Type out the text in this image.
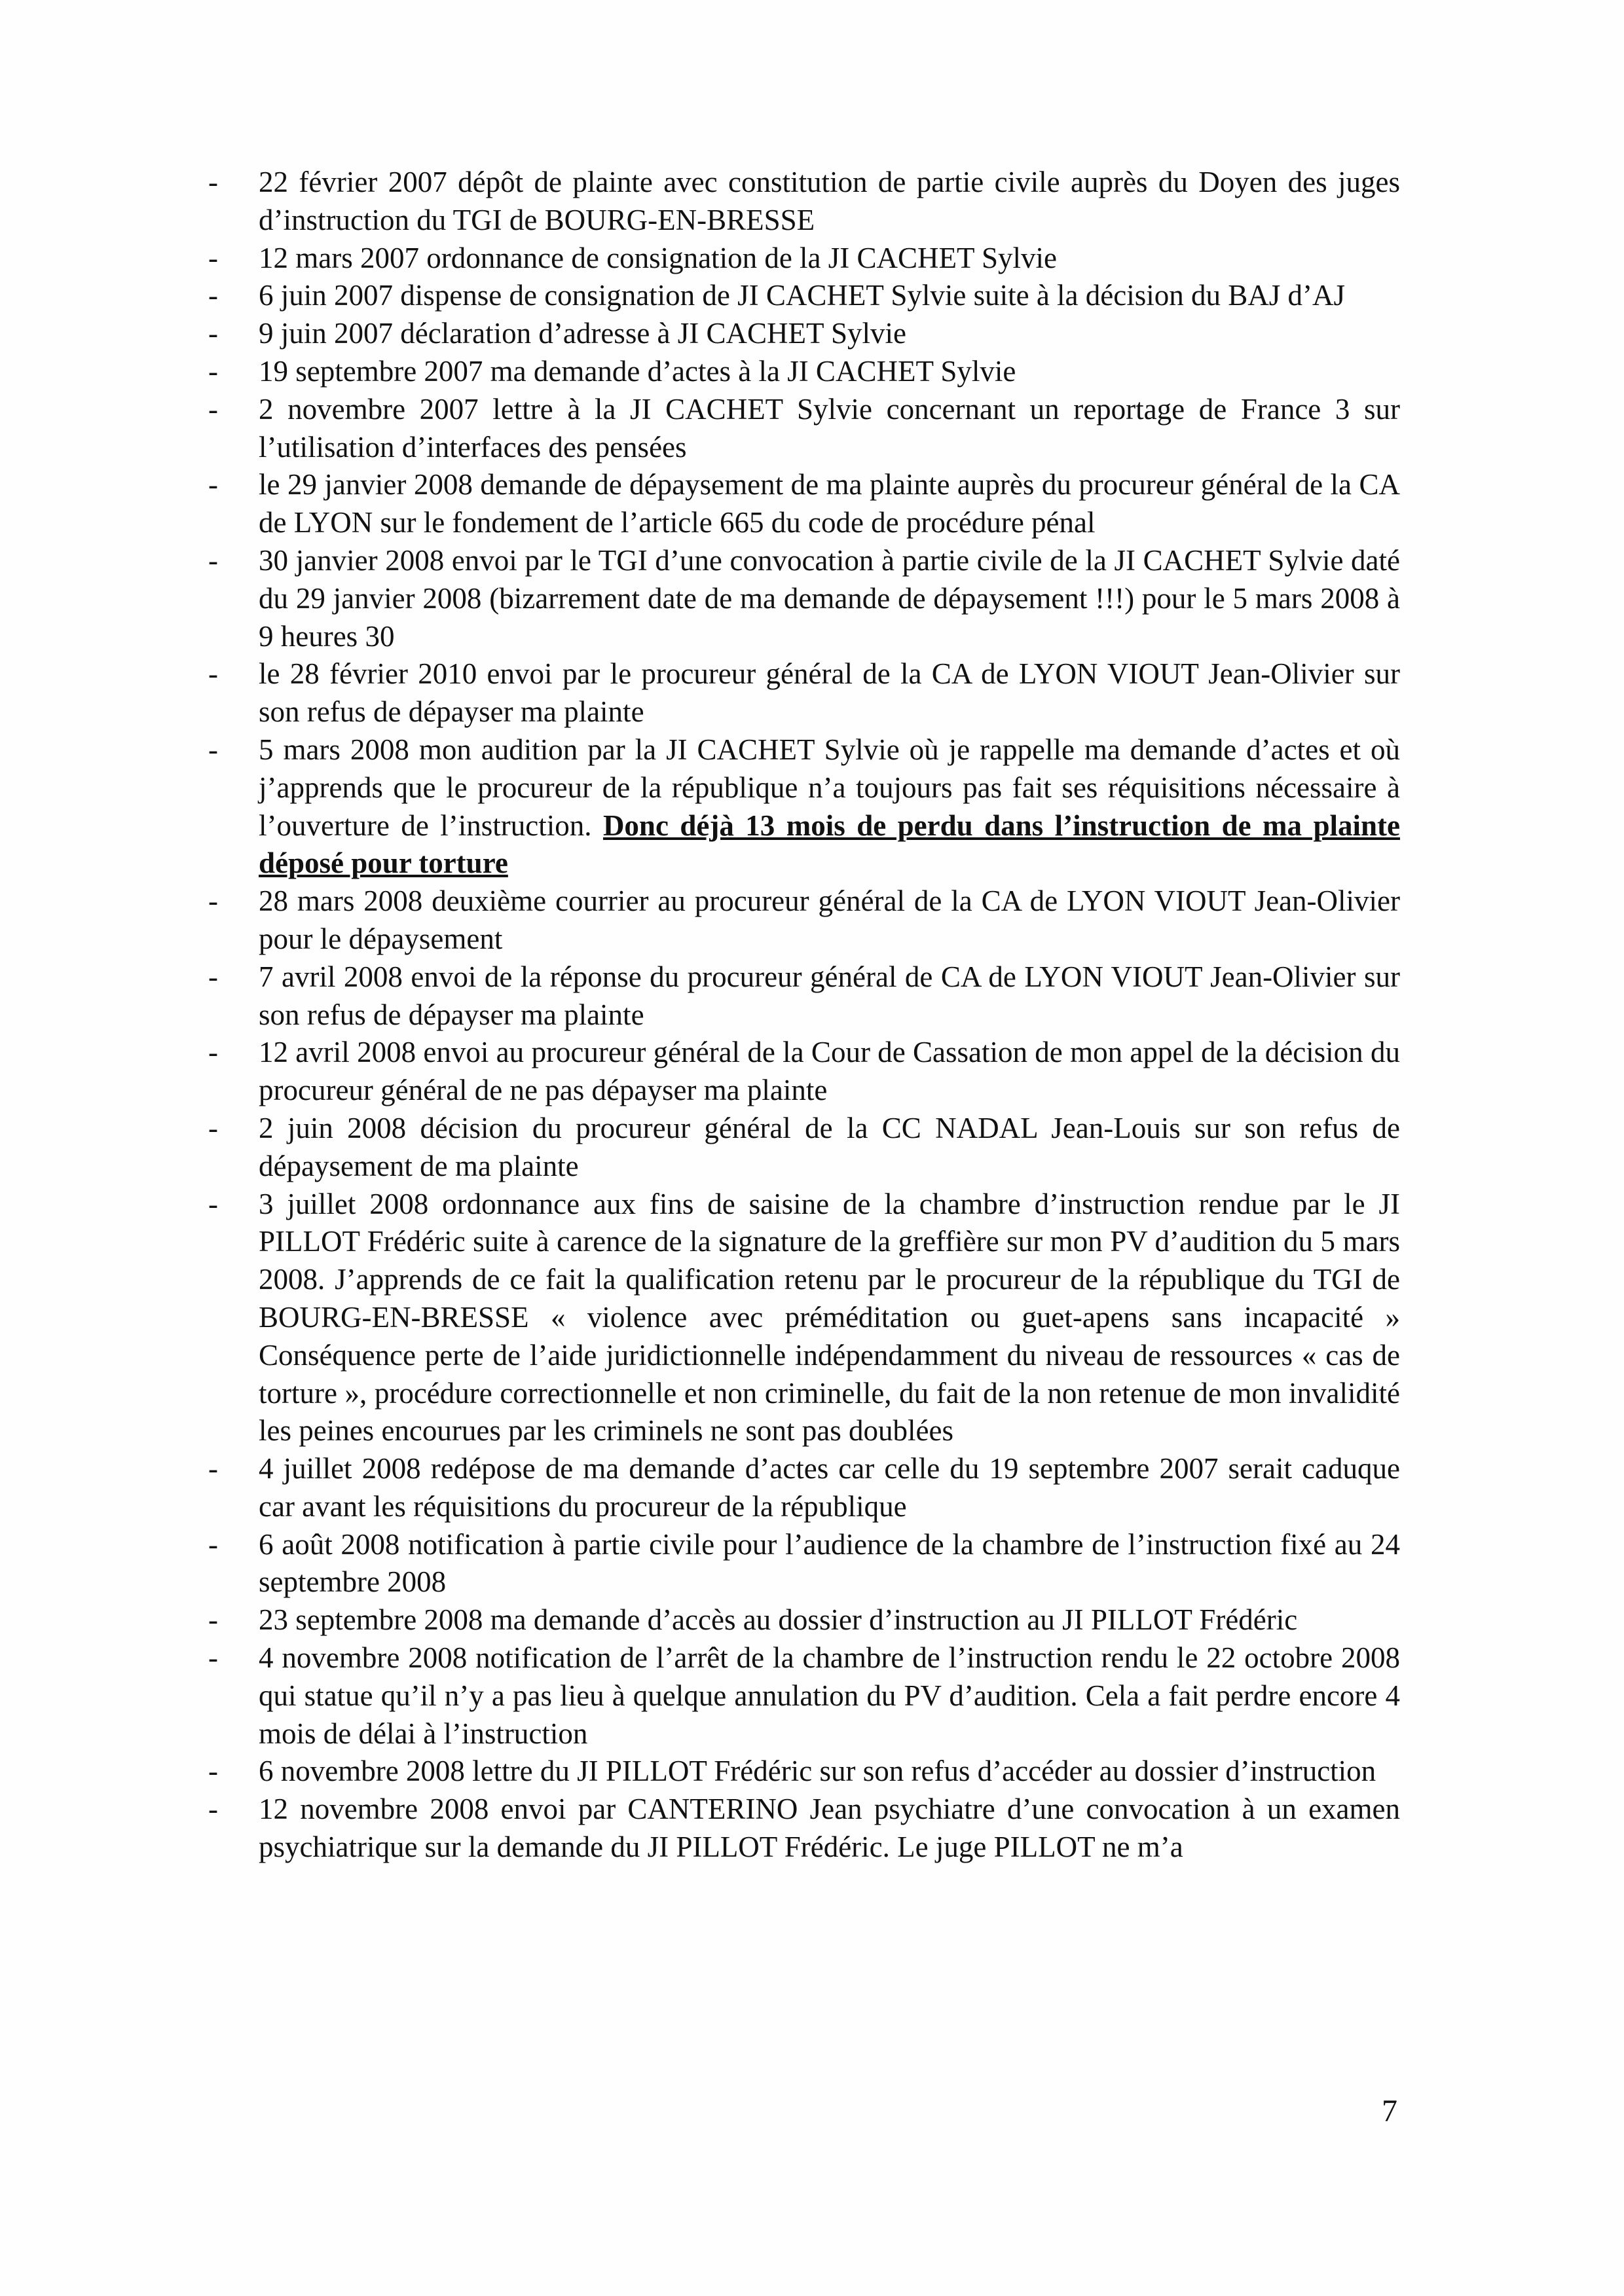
- 22 février 2007 dépôt de plainte avec constitution de partie civile auprès du Doyen des juges d’instruction du TGI de BOURG-EN-BRESSE
- 12 mars 2007 ordonnance de consignation de la JI CACHET Sylvie
- 6 juin 2007 dispense de consignation de JI CACHET Sylvie suite à la décision du BAJ d’AJ
- 9 juin 2007 déclaration d’adresse à JI CACHET Sylvie
- 19 septembre 2007 ma demande d’actes à la JI CACHET Sylvie
- 2 novembre 2007 lettre à la JI CACHET Sylvie concernant un reportage de France 3 sur l’utilisation d’interfaces des pensées
- le 29 janvier 2008 demande de dépaysement de ma plainte auprès du procureur général de la CA de LYON sur le fondement de l’article 665 du code de procédure pénal
- 30 janvier 2008 envoi par le TGI d’une convocation à partie civile de la JI CACHET Sylvie daté du 29 janvier 2008 (bizarrement date de ma demande de dépaysement !!!) pour le 5 mars 2008 à 9 heures 30
- le 28 février 2010 envoi par le procureur général de la CA de LYON VIOUT Jean-Olivier sur son refus de dépayser ma plainte
- 5 mars 2008 mon audition par la JI CACHET Sylvie où je rappelle ma demande d’actes et où j’apprends que le procureur de la république n’a toujours pas fait ses réquisitions nécessaire à l’ouverture de l’instruction. Donc déjà 13 mois de perdu dans l’instruction de ma plainte déposé pour torture
- 28 mars 2008 deuxième courrier au procureur général de la CA de LYON VIOUT Jean-Olivier pour le dépaysement
- 7 avril 2008 envoi de la réponse du procureur général de CA de LYON VIOUT Jean-Olivier sur son refus de dépayser ma plainte
- 12 avril 2008 envoi au procureur général de la Cour de Cassation de mon appel de la décision du procureur général de ne pas dépayser ma plainte
- 2 juin 2008 décision du procureur général de la CC NADAL Jean-Louis sur son refus de dépaysement de ma plainte
- 3 juillet 2008 ordonnance aux fins de saisine de la chambre d’instruction rendue par le JI PILLOT Frédéric suite à carence de la signature de la greffière sur mon PV d’audition du 5 mars 2008. J’apprends de ce fait la qualification retenu par le procureur de la république du TGI de BOURG-EN-BRESSE « violence avec préméditation ou guet-apens sans incapacité » Conséquence perte de l’aide juridictionnelle indépendamment du niveau de ressources « cas de torture », procédure correctionnelle et non criminelle, du fait de la non retenue de mon invalidité les peines encourues par les criminels ne sont pas doublées
- 4 juillet 2008 redépose de ma demande d’actes car celle du 19 septembre 2007 serait caduque car avant les réquisitions du procureur de la république
- 6 août 2008 notification à partie civile pour l’audience de la chambre de l’instruction fixé au 24 septembre 2008
- 23 septembre 2008 ma demande d’accès au dossier d’instruction au JI PILLOT Frédéric
- 4 novembre 2008 notification de l’arrêt de la chambre de l’instruction rendu le 22 octobre 2008 qui statue qu’il n’y a pas lieu à quelque annulation du PV d’audition. Cela a fait perdre encore 4 mois de délai à l’instruction
- 6 novembre 2008 lettre du JI PILLOT Frédéric sur son refus d’accéder au dossier d’instruction
- 12 novembre 2008 envoi par CANTERINO Jean psychiatre d’une convocation à un examen psychiatrique sur la demande du JI PILLOT Frédéric. Le juge PILLOT ne m’a
7
